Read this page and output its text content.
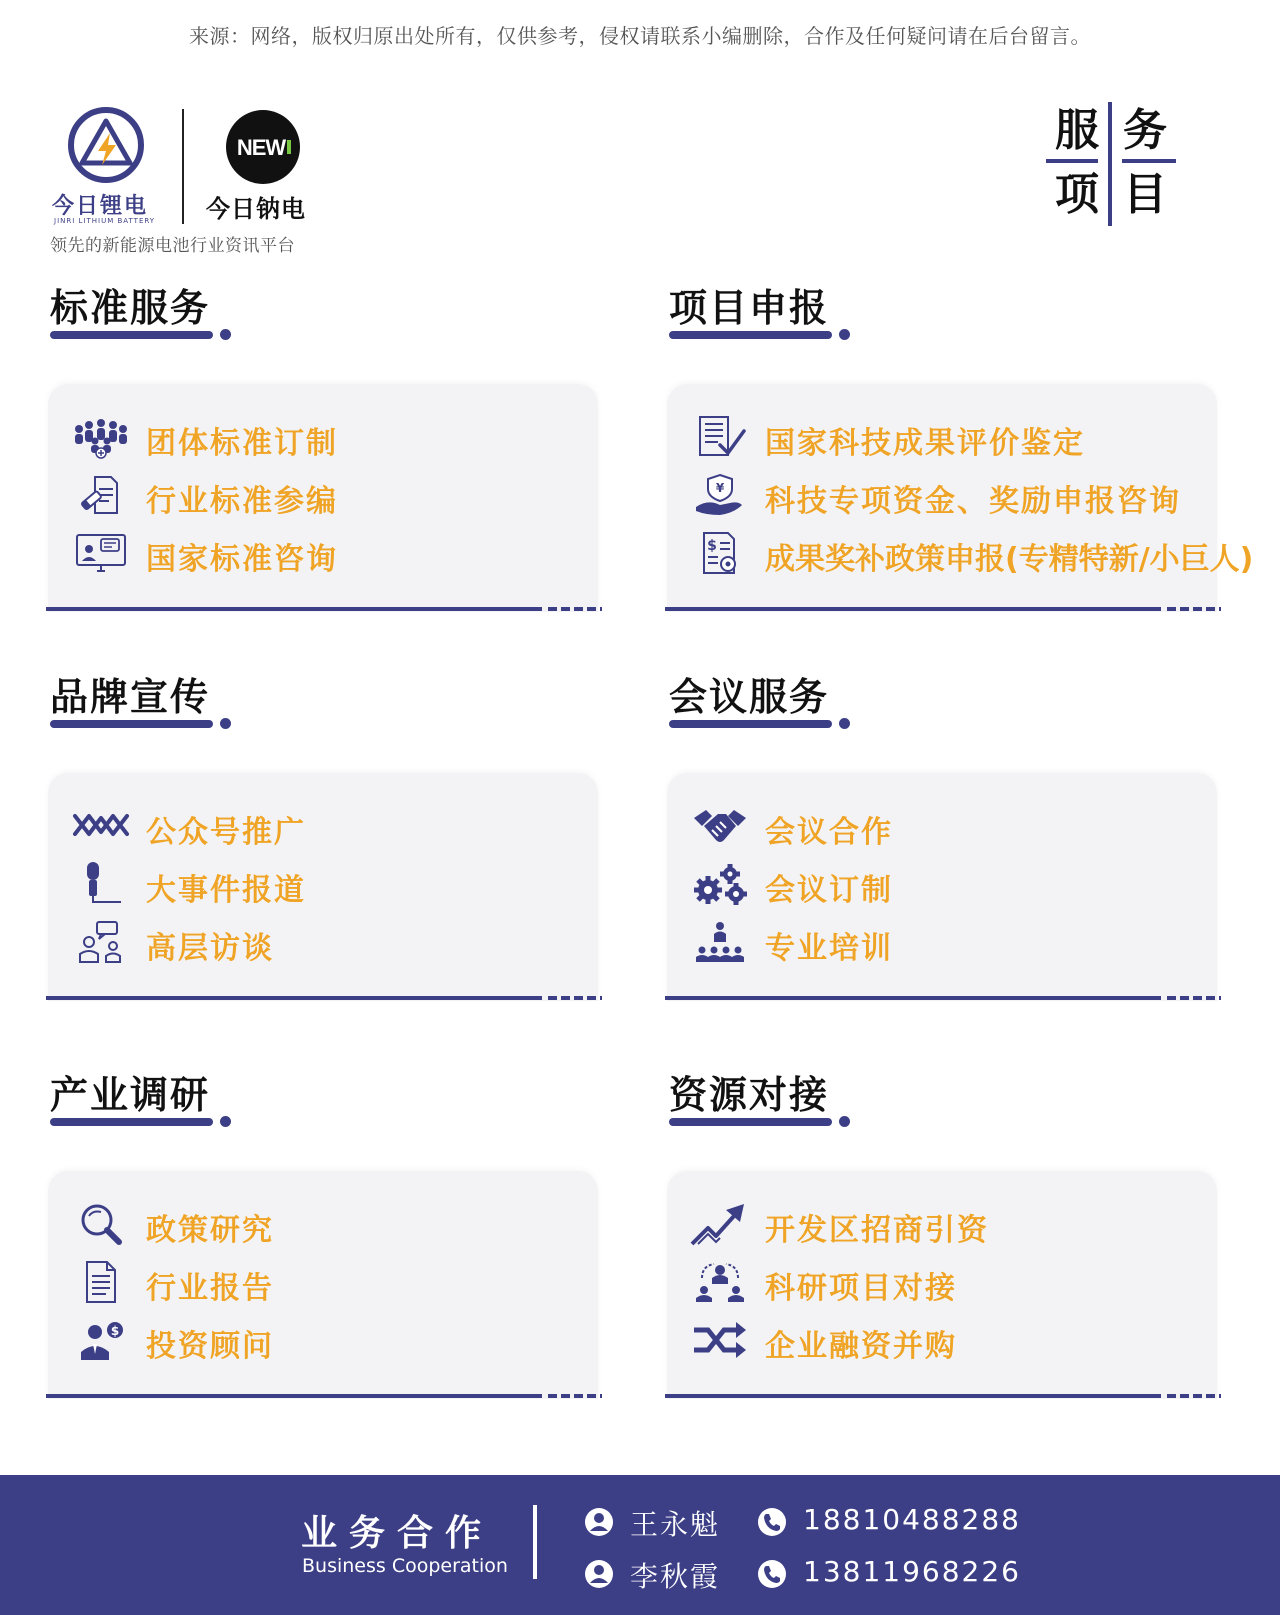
来源：网络，版权归原出处所有，仅供参考，侵权请联系小编删除，合作及任何疑问请在后台留言。
今日锂电
JINRI LITHIUM BATTERY
NEW
今日钠电
领先的新能源电池行业资讯平台
服 务
项 目
标准服务
团体标准订制
行业标准参编
国家标准咨询
项目申报
国家科技成果评价鉴定
科技专项资金、奖励申报咨询
成果奖补政策申报(专精特新/小巨人)
品牌宣传
公众号推广
大事件报道
高层访谈
会议服务
会议合作
会议订制
专业培训
产业调研
政策研究
行业报告
投资顾问
资源对接
开发区招商引资
科研项目对接
企业融资并购
业务合作
Business Cooperation
王永魁	18810488288
李秋霞	13811968226
